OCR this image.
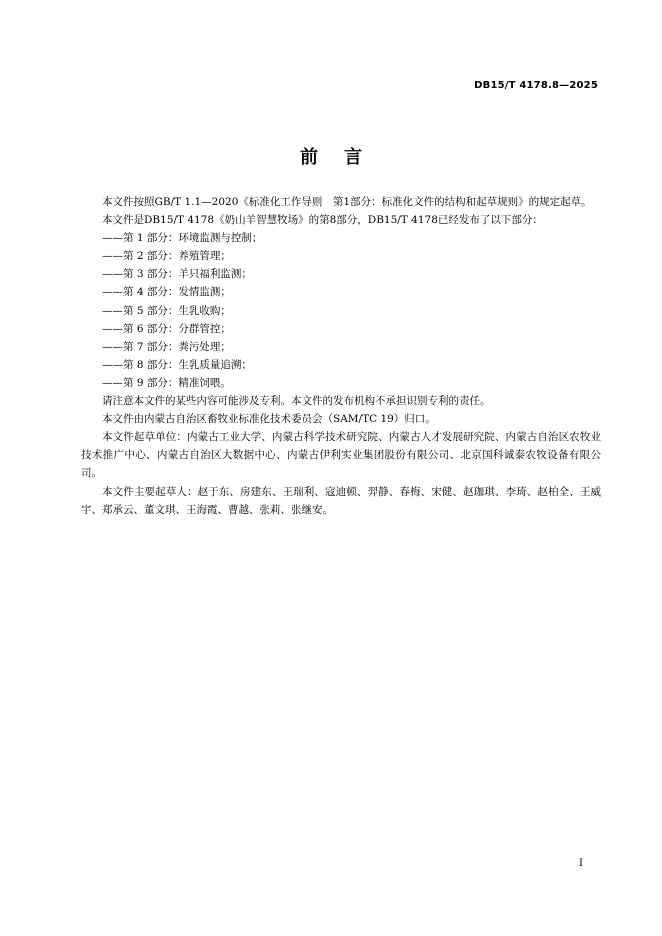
DB15/T 4178.8—2025
前 言

本文件按照GB/T 1.1—2020《标准化工作导则　第1部分：标准化文件的结构和起草规则》的规定起草。

本文件是DB15/T 4178《奶山羊智慧牧场》的第8部分，DB15/T 4178已经发布了以下部分：

——第 1 部分：环境监测与控制；
——第 2 部分：养殖管理；
——第 3 部分：羊只福利监测；
——第 4 部分：发情监测；
——第 5 部分：生乳收购；
——第 6 部分：分群管控；
——第 7 部分：粪污处理；
——第 8 部分：生乳质量追溯；
——第 9 部分：精准饲喂。

请注意本文件的某些内容可能涉及专利。本文件的发布机构不承担识别专利的责任。

本文件由内蒙古自治区畜牧业标准化技术委员会（SAM/TC 19）归口。

本文件起草单位：内蒙古工业大学、内蒙古科学技术研究院、内蒙古人才发展研究院、内蒙古自治区农牧业技术推广中心、内蒙古自治区大数据中心、内蒙古伊利实业集团股份有限公司、北京国科诚泰农牧设备有限公司。

本文件主要起草人：赵于东、房建东、王瑞利、寇迪顿、羿静、春梅、宋健、赵珈琪、李琦、赵柏全、王威宇、郑承云、董文琪、王海霞、曹越、张莉、张继安。

I
